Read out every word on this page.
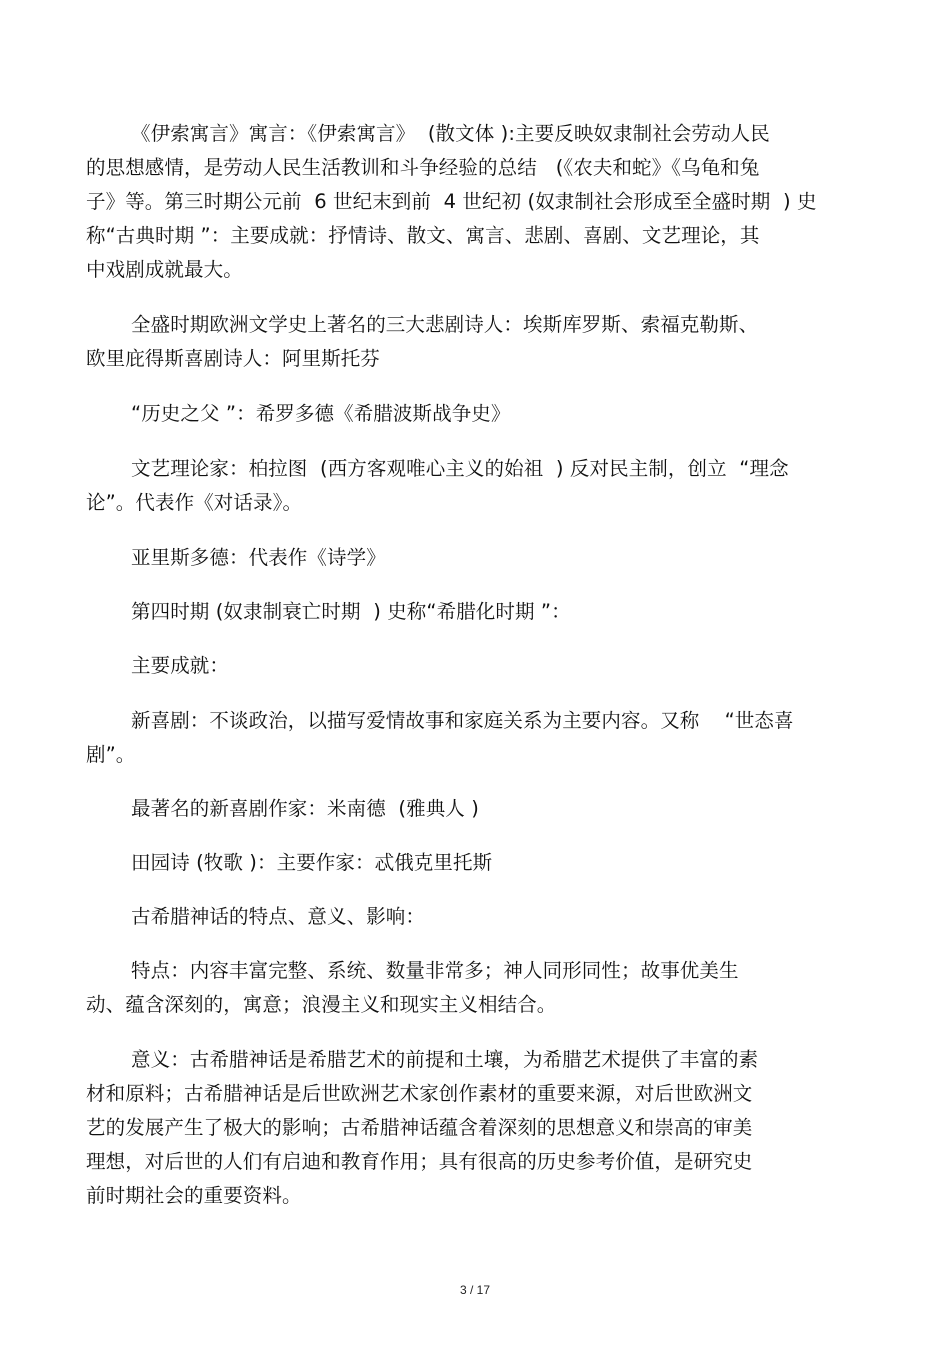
《伊索寓言》寓言：《伊索寓言》  (散文体 ):主要反映奴隶制社会劳动人民
的思想感情，是劳动人民生活教训和斗争经验的总结   (《农夫和蛇》《乌龟和兔
子》等。第三时期公元前  6 世纪末到前  4 世纪初 (奴隶制社会形成至全盛时期  ) 史
称“古典时期 ”：主要成就：抒情诗、散文、寓言、悲剧、喜剧、文艺理论，其
中戏剧成就最大。
全盛时期欧洲文学史上著名的三大悲剧诗人：埃斯库罗斯、索福克勒斯、
欧里庇得斯喜剧诗人：阿里斯托芬
“历史之父 ”：希罗多德《希腊波斯战争史》
文艺理论家：柏拉图  (西方客观唯心主义的始祖  ) 反对民主制，创立  “理念
论”。代表作《对话录》。
亚里斯多德：代表作《诗学》
第四时期 (奴隶制衰亡时期  ) 史称“希腊化时期 ”：
主要成就：
新喜剧：不谈政治，以描写爱情故事和家庭关系为主要内容。又称    “世态喜
剧”。
最著名的新喜剧作家：米南德  (雅典人 )
田园诗 (牧歌 )：主要作家：忒俄克里托斯
古希腊神话的特点、意义、影响：
特点：内容丰富完整、系统、数量非常多；神人同形同性；故事优美生
动、蕴含深刻的，寓意；浪漫主义和现实主义相结合。
意义：古希腊神话是希腊艺术的前提和土壤，为希腊艺术提供了丰富的素
材和原料；古希腊神话是后世欧洲艺术家创作素材的重要来源，对后世欧洲文
艺的发展产生了极大的影响；古希腊神话蕴含着深刻的思想意义和崇高的审美
理想，对后世的人们有启迪和教育作用；具有很高的历史参考价值，是研究史
前时期社会的重要资料。
3 / 17
